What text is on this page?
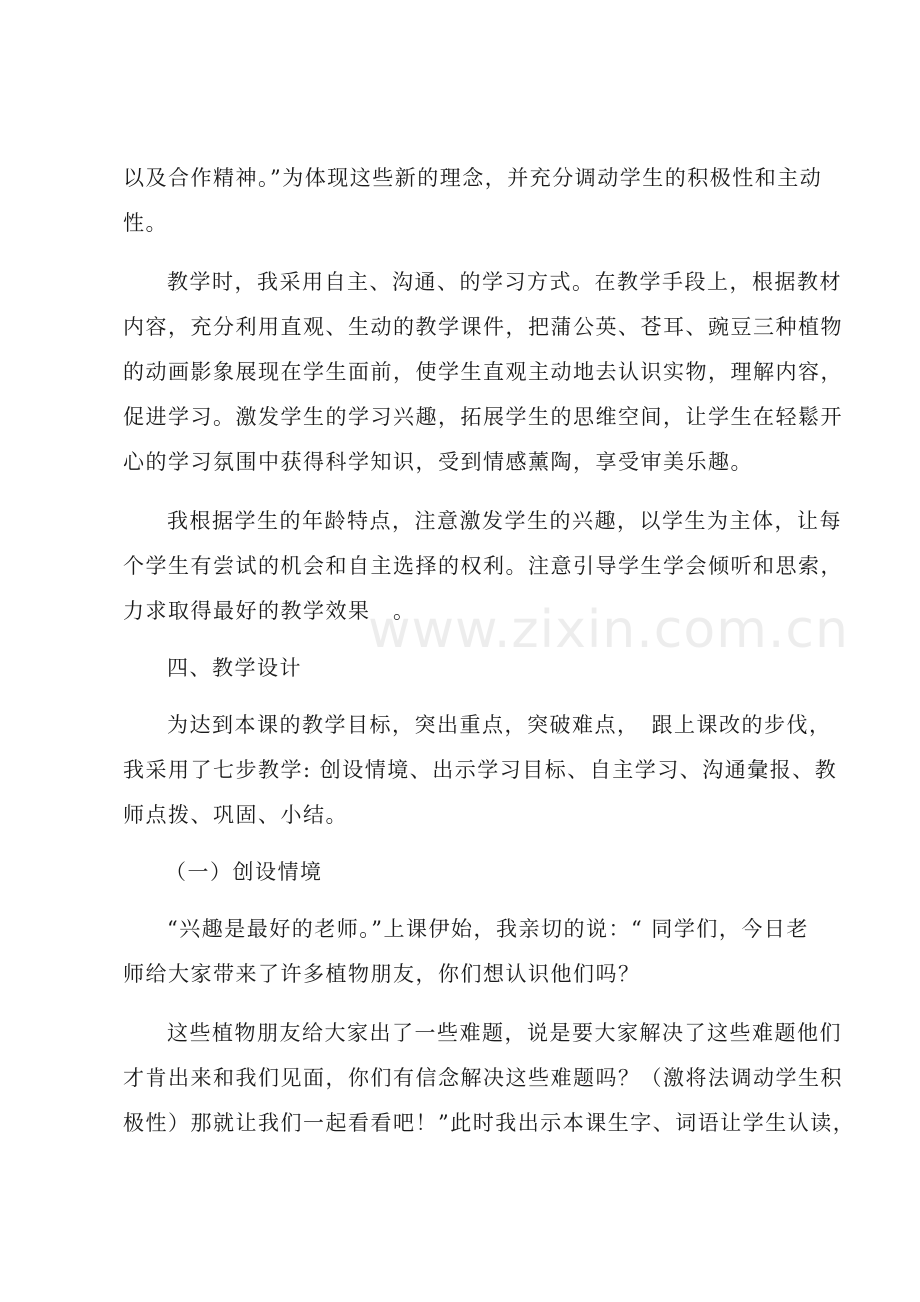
以及合作精神。”为体现这些新的理念，并充分调动学生的积极性和主动
性。
教学时，我采用自主、沟通、的学习方式。在教学手段上，根据教材
内容，充分利用直观、生动的教学课件，把蒲公英、苍耳、豌豆三种植物
的动画影象展现在学生面前，使学生直观主动地去认识实物，理解内容，
促进学习。激发学生的学习兴趣，拓展学生的思维空间，让学生在轻鬆开
心的学习氛围中获得科学知识，受到情感薰陶，享受审美乐趣。
我根据学生的年龄特点，注意激发学生的兴趣，以学生为主体，让每
个学生有尝试的机会和自主选择的权利。注意引导学生学会倾听和思索，
力求取得最好的教学效果　。
四、教学设计
为达到本课的教学目标，突出重点，突破难点，　跟上课改的步伐，
我采用了七步教学: 创设情境、出示学习目标、自主学习、沟通彙报、教
师点拨、巩固、小结。
（一）创设情境
“兴趣是最好的老师。”上课伊始，我亲切的说：“ 同学们，今日老
师给大家带来了许多植物朋友，你们想认识他们吗？
这些植物朋友给大家出了一些难题，说是要大家解决了这些难题他们
才肯出来和我们见面，你们有信念解决这些难题吗？（激将法调动学生积
极性）那就让我们一起看看吧！”此时我出示本课生字、词语让学生认读，
www.zixin.com.cn
